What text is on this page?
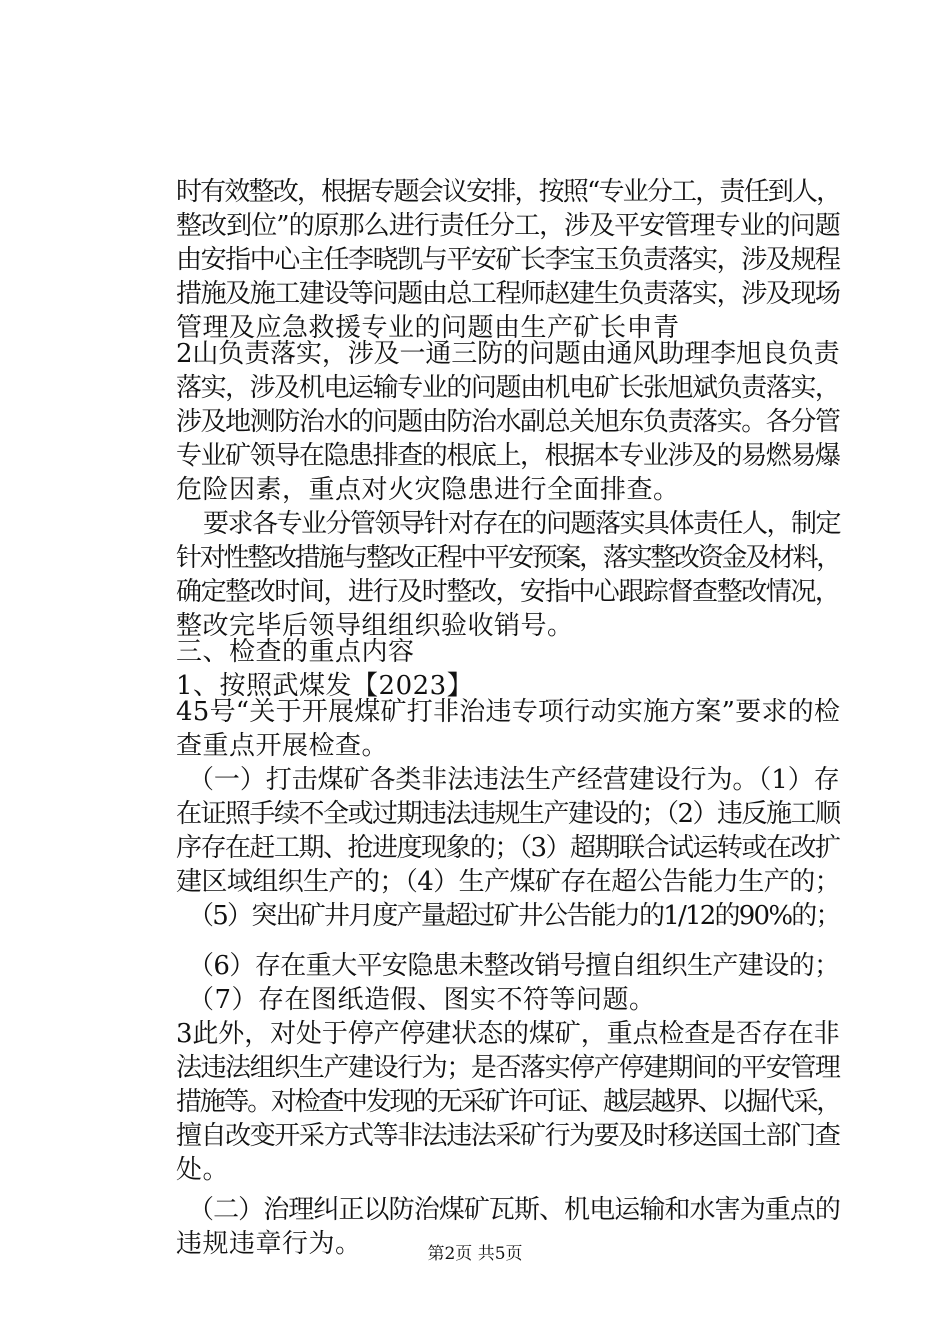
时有效整改，根据专题会议安排，按照“专业分工，责任到人，
整改到位”的原那么进行责任分工，涉及平安管理专业的问题
由安指中心主任李晓凯与平安矿长李宝玉负责落实，涉及规程
措施及施工建设等问题由总工程师赵建生负责落实，涉及现场
管理及应急救援专业的问题由生产矿长申青
2山负责落实，涉及一通三防的问题由通风助理李旭良负责
落实，涉及机电运输专业的问题由机电矿长张旭斌负责落实，
涉及地测防治水的问题由防治水副总关旭东负责落实。各分管
专业矿领导在隐患排查的根底上，根据本专业涉及的易燃易爆
危险因素，重点对火灾隐患进行全面排查。
要求各专业分管领导针对存在的问题落实具体责任人，制定
针对性整改措施与整改正程中平安预案，落实整改资金及材料，
确定整改时间，进行及时整改，安指中心跟踪督查整改情况，
整改完毕后领导组组织验收销号。
三、检查的重点内容
1、按照武煤发【2023】
45号“关于开展煤矿打非治违专项行动实施方案”要求的检
查重点开展检查。
（一）打击煤矿各类非法违法生产经营建设行为。（1）存
在证照手续不全或过期违法违规生产建设的；（2）违反施工顺
序存在赶工期、抢进度现象的；（3）超期联合试运转或在改扩
建区域组织生产的；（4）生产煤矿存在超公告能力生产的；
（5）突出矿井月度产量超过矿井公告能力的1/12的90%的；
（6）存在重大平安隐患未整改销号擅自组织生产建设的；
（7）存在图纸造假、图实不符等问题。
3此外，对处于停产停建状态的煤矿，重点检查是否存在非
法违法组织生产建设行为；是否落实停产停建期间的平安管理
措施等。对检查中发现的无采矿许可证、越层越界、以掘代采，
擅自改变开采方式等非法违法采矿行为要及时移送国土部门查
处。
（二）治理纠正以防治煤矿瓦斯、机电运输和水害为重点的
违规违章行为。	第2页 共5页
